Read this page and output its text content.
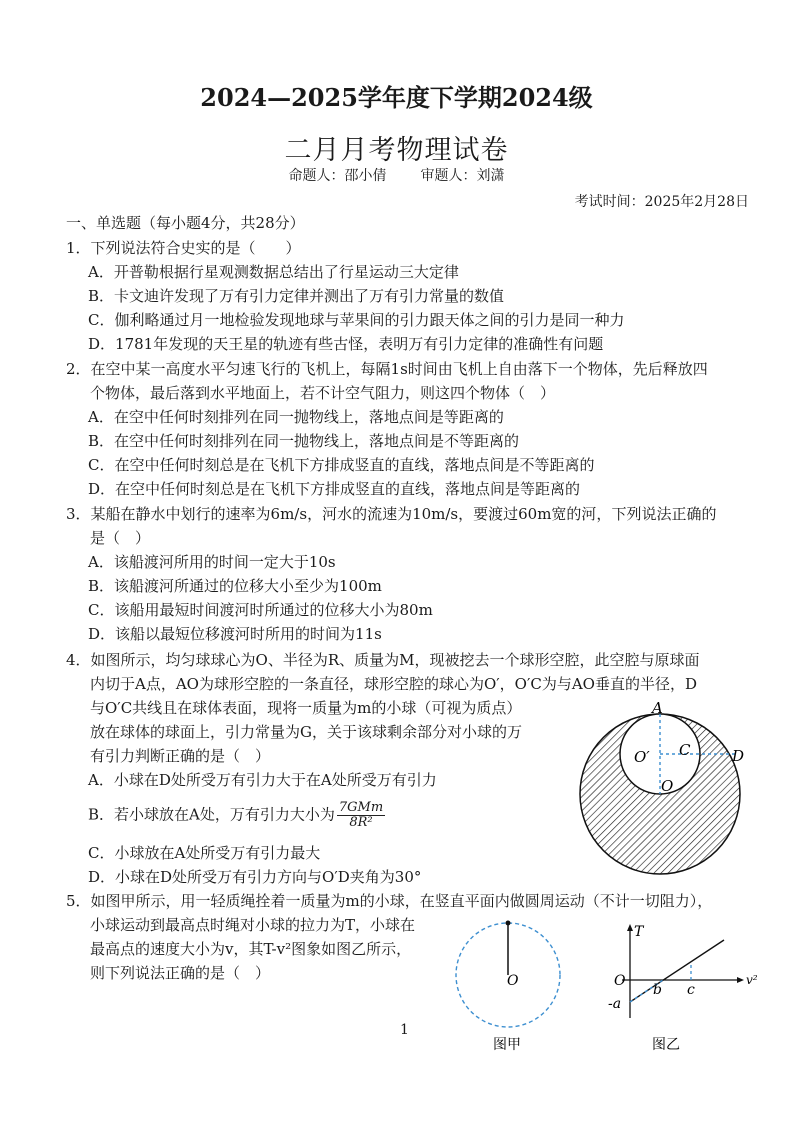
2024—2025学年度下学期2024级
二月月考物理试卷
命题人：邵小倩 审题人：刘潇
考试时间：2025年2月28日
一、单选题（每小题4分，共28分）
1．下列说法符合史实的是（　　）
A．开普勒根据行星观测数据总结出了行星运动三大定律
B．卡文迪许发现了万有引力定律并测出了万有引力常量的数值
C．伽利略通过月一地检验发现地球与苹果间的引力跟天体之间的引力是同一种力
D．1781年发现的天王星的轨迹有些古怪，表明万有引力定律的准确性有问题
2．在空中某一高度水平匀速飞行的飞机上，每隔1s时间由飞机上自由落下一个物体，先后释放四
个物体，最后落到水平地面上，若不计空气阻力，则这四个物体（　）
A．在空中任何时刻排列在同一抛物线上，落地点间是等距离的
B．在空中任何时刻排列在同一抛物线上，落地点间是不等距离的
C．在空中任何时刻总是在飞机下方排成竖直的直线，落地点间是不等距离的
D．在空中任何时刻总是在飞机下方排成竖直的直线，落地点间是等距离的
3．某船在静水中划行的速率为6m/s，河水的流速为10m/s，要渡过60m宽的河，下列说法正确的
是（　）
A．该船渡河所用的时间一定大于10s
B．该船渡河所通过的位移大小至少为100m
C．该船用最短时间渡河时所通过的位移大小为80m
D．该船以最短位移渡河时所用的时间为11s
4．如图所示，均匀球球心为O、半径为R、质量为M，现被挖去一个球形空腔，此空腔与原球面
内切于A点，AO为球形空腔的一条直径，球形空腔的球心为O′，O′C为与AO垂直的半径，D
与O′C共线且在球体表面，现将一质量为m的小球（可视为质点）
放在球体的球面上，引力常量为G，关于该球剩余部分对小球的万
有引力判断正确的是（　）
A．小球在D处所受万有引力大于在A处所受万有引力
B．若小球放在A处，万有引力大小为 $\frac{\text{7GMm}}{\text{8R²}}$
C．小球放在A处所受万有引力最大
D．小球在D处所受万有引力方向与O′D夹角为30°
A
O′ C	D
O
5．如图甲所示，用一轻质绳拴着一质量为m的小球，在竖直平面内做圆周运动（不计一切阻力），
小球运动到最高点时绳对小球的拉力为T，小球在
最高点的速度大小为v，其T-v²图象如图乙所示，
则下列说法正确的是（　）	O
图甲
T
O	v²
b c
-a
图乙
1
